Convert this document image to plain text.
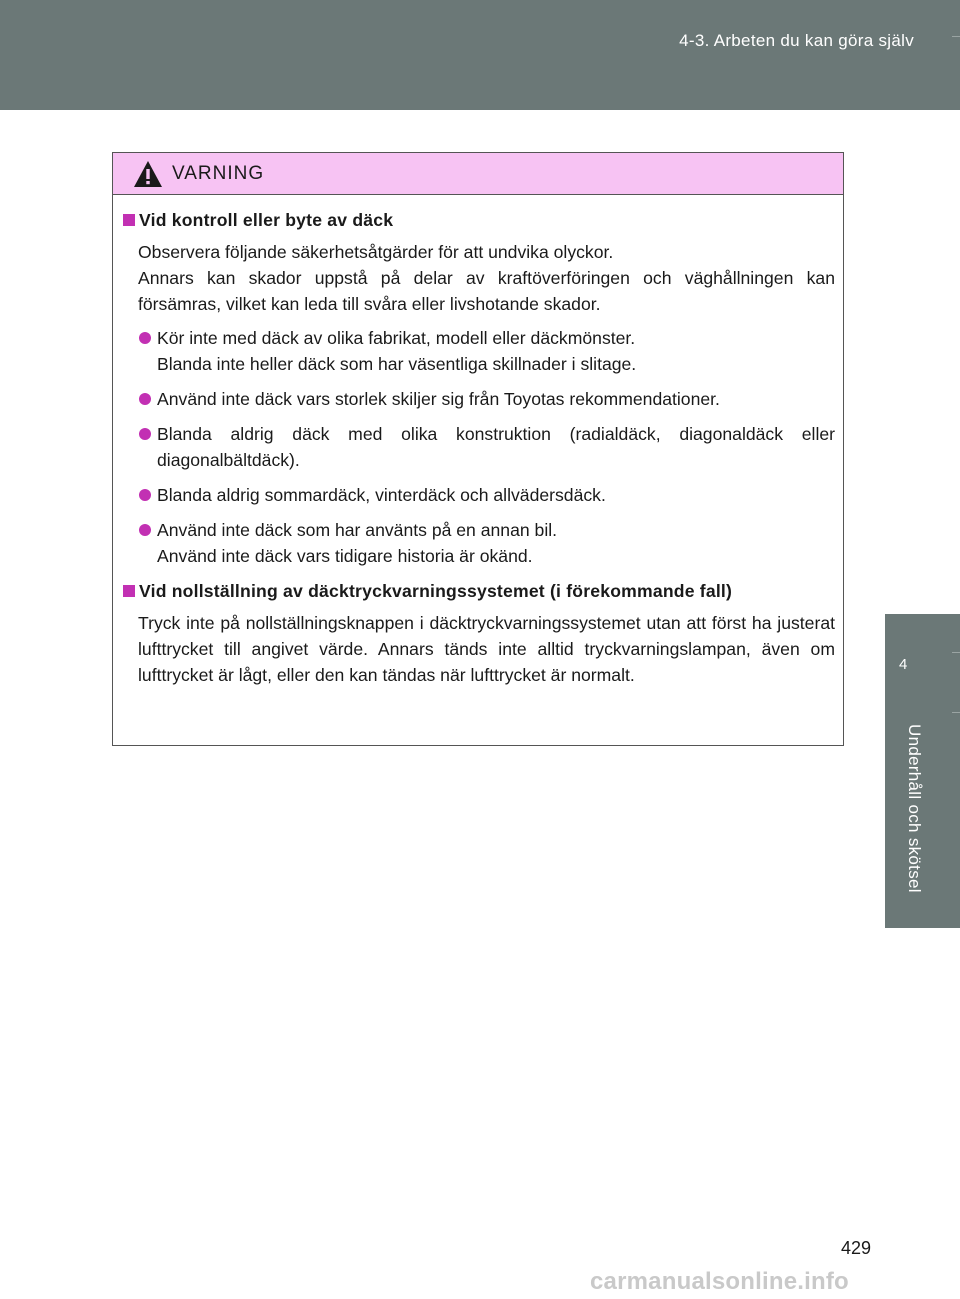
4-3. Arbeten du kan göra själv
4
Underhåll och skötsel
VARNING
Vid kontroll eller byte av däck

Observera följande säkerhetsåtgärder för att undvika olyckor.

Annars kan skador uppstå på delar av kraftöverföringen och väghållningen kan försämras, vilket kan leda till svåra eller livshotande skador.

Kör inte med däck av olika fabrikat, modell eller däckmönster.

Blanda inte heller däck som har väsentliga skillnader i slitage.

Använd inte däck vars storlek skiljer sig från Toyotas rekommendationer.

Blanda aldrig däck med olika konstruktion (radialdäck, diagonaldäck eller diagonalbältdäck).

Blanda aldrig sommardäck, vinterdäck och allvädersdäck.

Använd inte däck som har använts på en annan bil.

Använd inte däck vars tidigare historia är okänd.

Vid nollställning av däcktryckvarningssystemet (i förekommande fall)

Tryck inte på nollställningsknappen i däcktryckvarningssystemet utan att först ha justerat lufttrycket till angivet värde. Annars tänds inte alltid tryckvarningslampan, även om lufttrycket är lågt, eller den kan tändas när lufttrycket är normalt.

429
carmanualsonline.info
